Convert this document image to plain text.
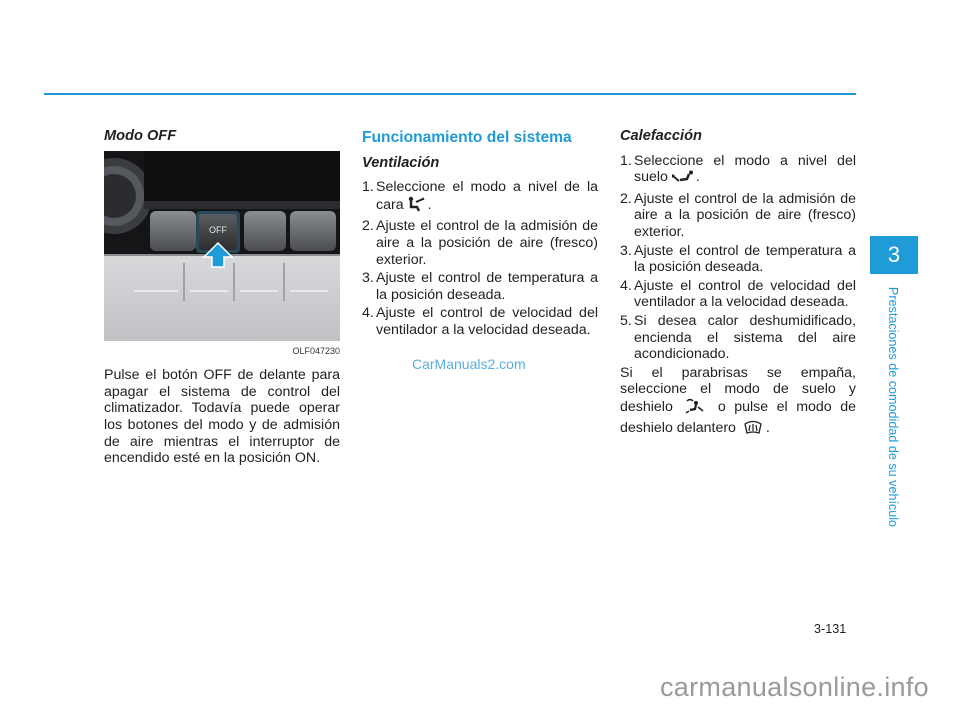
Modo OFF
OFF
OLF047230

Pulse el botón OFF de delante para apagar el sistema de control del climatizador. Todavía puede operar los botones del modo y de admisión de aire mientras el interruptor de encendido esté en la posición ON.

Funcionamiento del sistema
Ventilación
1. Seleccione el modo a nivel de la cara .
2. Ajuste el control de la admisión de aire a la posición de aire (fresco) exterior.
3. Ajuste el control de temperatura a la posición deseada.
4. Ajuste el control de velocidad del ventilador a la velocidad deseada.
Calefacción
1. Seleccione el modo a nivel del suelo .
2. Ajuste el control de la admisión de aire a la posición de aire (fresco) exterior.
3. Ajuste el control de temperatura a la posición deseada.
4. Ajuste el control de velocidad del ventilador a la velocidad deseada.
5. Si desea calor deshumidificado, encienda el sistema del aire acondicionado.

Si el parabrisas se empaña, seleccione el modo de suelo y deshielo	o pulse el modo de deshielo delantero .

CarManuals2.com
3
Prestaciones de comodidad de su vehículo
3-131
carmanualsonline.info
